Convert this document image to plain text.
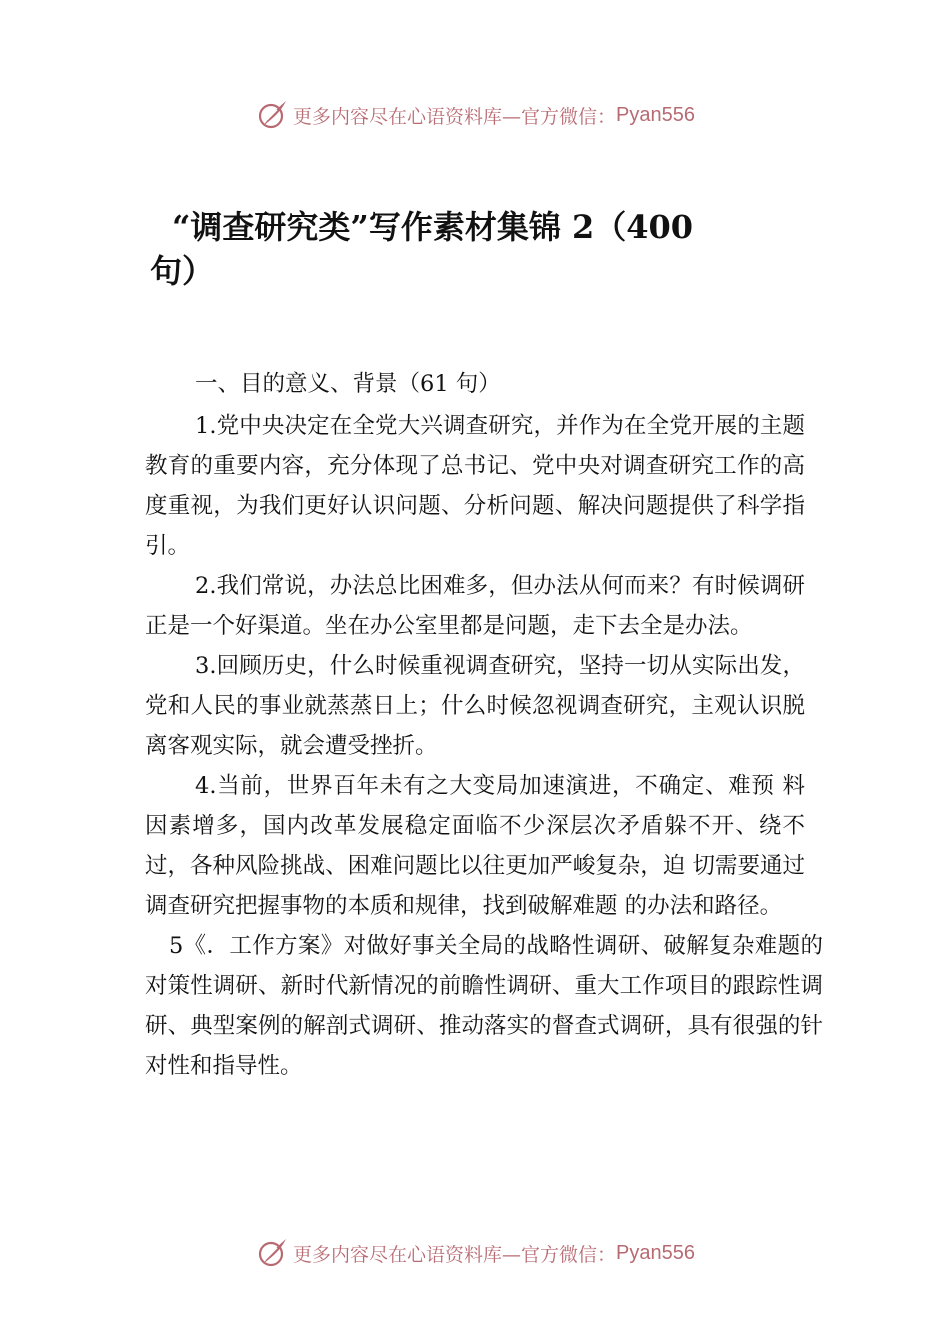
更多内容尽在心语资料库—官方微信： Pyan556
“调查研究类”写作素材集锦 2（400
句）
一、目的意义、背景（61 句）

1.党中央决定在全党大兴调查研究，并作为在全党开展的主题教育的重要内容，充分体现了总书记、党中央对调查研究工作的高度重视，为我们更好认识问题、分析问题、解决问题提供了科学指引。

2.我们常说，办法总比困难多，但办法从何而来？有时候调研正是一个好渠道。坐在办公室里都是问题，走下去全是办法。

3.回顾历史，什么时候重视调查研究，坚持一切从实际出发，党和人民的事业就蒸蒸日上；什么时候忽视调查研究，主观认识脱离客观实际，就会遭受挫折。

4.当前，世界百年未有之大变局加速演进，不确定、难预 料因素增多，国内改革发展稳定面临不少深层次矛盾躲不开、绕不过，各种风险挑战、困难问题比以往更加严峻复杂，迫 切需要通过调查研究把握事物的本质和规律，找到破解难题 的办法和路径。

5《．工作方案》对做好事关全局的战略性调研、破解复杂难题的对策性调研、新时代新情况的前瞻性调研、重大工作项目的跟踪性调研、典型案例的解剖式调研、推动落实的督查式调研，具有很强的针对性和指导性。

更多内容尽在心语资料库—官方微信： Pyan556
